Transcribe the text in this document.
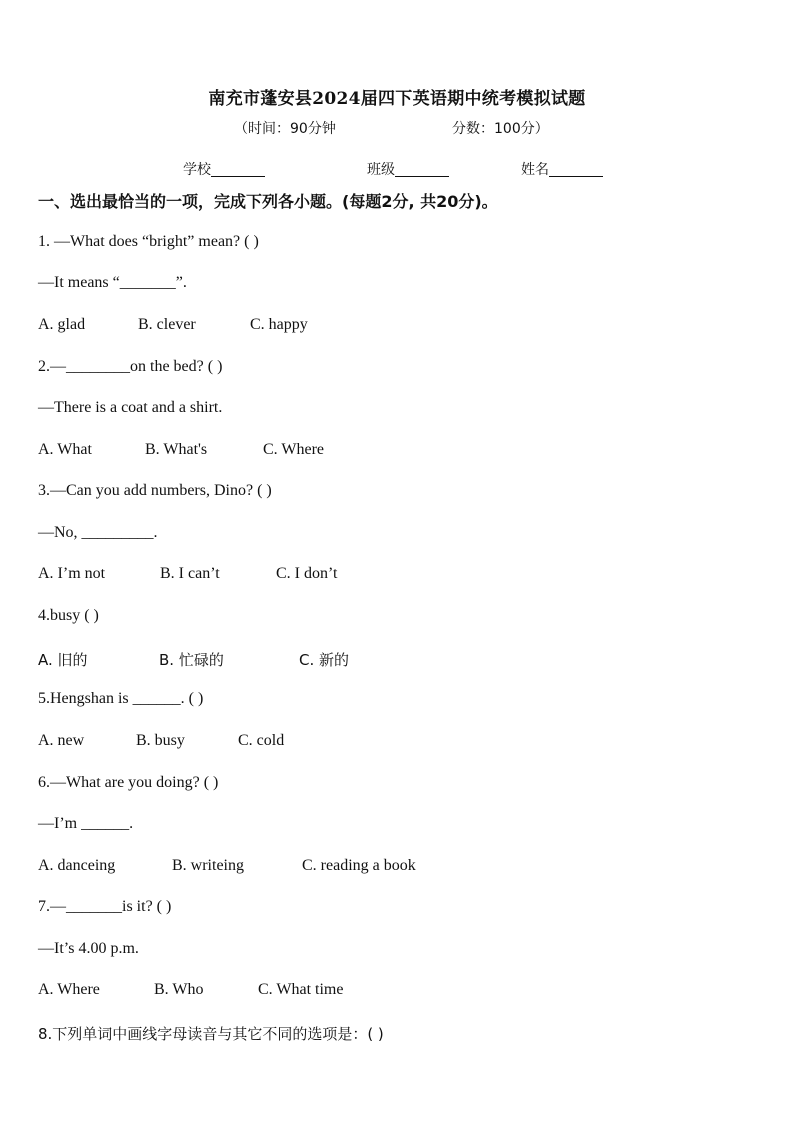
南充市蓬安县2024届四下英语期中统考模拟试题
（时间：90分钟	分数：100分）
学校	班级	姓名
一、选出最恰当的一项，完成下列各小题。(每题2分, 共20分)。
1. —What does “bright” mean? ( )
—It means “_______”.
A. glad	B. clever	C. happy
2.—________on the bed? ( )
—There is a coat and a shirt.
A. What	B. What's	C. Where
3.—Can you add numbers, Dino? ( )
—No, _________.
A. I’m not	B. I can’t	C. I don’t
4.busy ( )
A. 旧的	B. 忙碌的	C. 新的
5.Hengshan is ______. ( )
A. new	B. busy	C. cold
6.—What are you doing? ( )
—I’m ______.
A. danceing	B. writeing	C. reading a book
7.—_______is it? ( )
—It’s 4.00 p.m.
A. Where	B. Who	C. What time
8.下列单词中画线字母读音与其它不同的选项是：( )
